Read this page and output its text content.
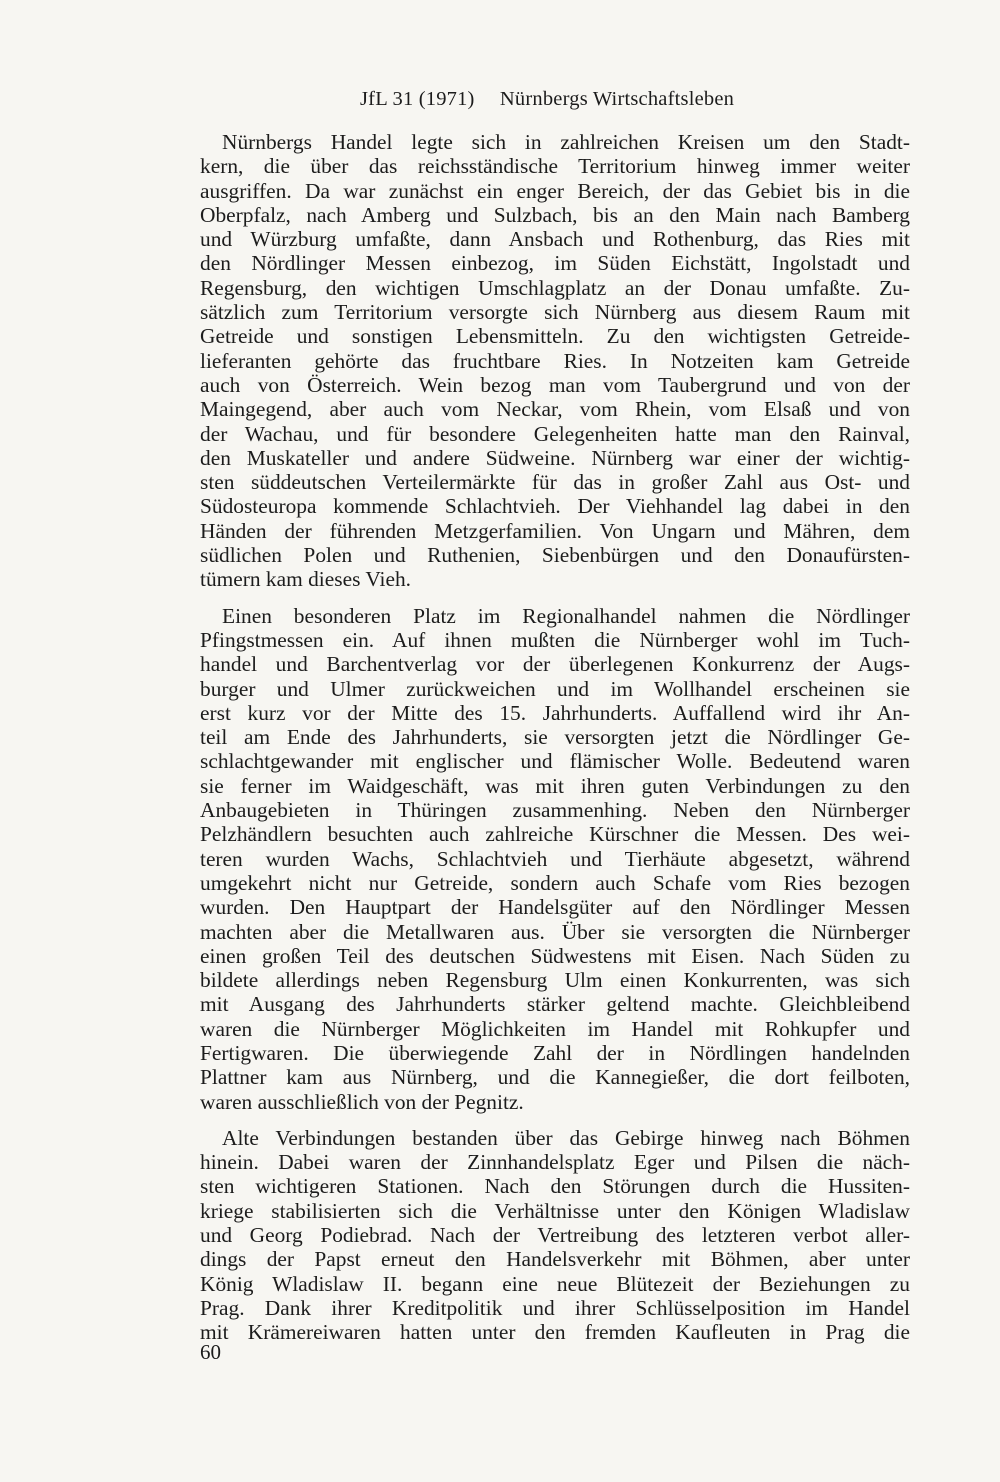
JfL 31 (1971) Nürnbergs Wirtschaftsleben
Nürnbergs Handel legte sich in zahlreichen Kreisen um den Stadt-
kern, die über das reichsständische Territorium hinweg immer weiter
ausgriffen. Da war zunächst ein enger Bereich, der das Gebiet bis in die
Oberpfalz, nach Amberg und Sulzbach, bis an den Main nach Bamberg
und Würzburg umfaßte, dann Ansbach und Rothenburg, das Ries mit
den Nördlinger Messen einbezog, im Süden Eichstätt, Ingolstadt und
Regensburg, den wichtigen Umschlagplatz an der Donau umfaßte. Zu-
sätzlich zum Territorium versorgte sich Nürnberg aus diesem Raum mit
Getreide und sonstigen Lebensmitteln. Zu den wichtigsten Getreide-
lieferanten gehörte das fruchtbare Ries. In Notzeiten kam Getreide
auch von Österreich. Wein bezog man vom Taubergrund und von der
Maingegend, aber auch vom Neckar, vom Rhein, vom Elsaß und von
der Wachau, und für besondere Gelegenheiten hatte man den Rainval,
den Muskateller und andere Südweine. Nürnberg war einer der wichtig-
sten süddeutschen Verteilermärkte für das in großer Zahl aus Ost- und
Südosteuropa kommende Schlachtvieh. Der Viehhandel lag dabei in den
Händen der führenden Metzgerfamilien. Von Ungarn und Mähren, dem
südlichen Polen und Ruthenien, Siebenbürgen und den Donaufürsten-
tümern kam dieses Vieh.
Einen besonderen Platz im Regionalhandel nahmen die Nördlinger
Pfingstmessen ein. Auf ihnen mußten die Nürnberger wohl im Tuch-
handel und Barchentverlag vor der überlegenen Konkurrenz der Augs-
burger und Ulmer zurückweichen und im Wollhandel erscheinen sie
erst kurz vor der Mitte des 15. Jahrhunderts. Auffallend wird ihr An-
teil am Ende des Jahrhunderts, sie versorgten jetzt die Nördlinger Ge-
schlachtgewander mit englischer und flämischer Wolle. Bedeutend waren
sie ferner im Waidgeschäft, was mit ihren guten Verbindungen zu den
Anbaugebieten in Thüringen zusammenhing. Neben den Nürnberger
Pelzhändlern besuchten auch zahlreiche Kürschner die Messen. Des wei-
teren wurden Wachs, Schlachtvieh und Tierhäute abgesetzt, während
umgekehrt nicht nur Getreide, sondern auch Schafe vom Ries bezogen
wurden. Den Hauptpart der Handelsgüter auf den Nördlinger Messen
machten aber die Metallwaren aus. Über sie versorgten die Nürnberger
einen großen Teil des deutschen Südwestens mit Eisen. Nach Süden zu
bildete allerdings neben Regensburg Ulm einen Konkurrenten, was sich
mit Ausgang des Jahrhunderts stärker geltend machte. Gleichbleibend
waren die Nürnberger Möglichkeiten im Handel mit Rohkupfer und
Fertigwaren. Die überwiegende Zahl der in Nördlingen handelnden
Plattner kam aus Nürnberg, und die Kannegießer, die dort feilboten,
waren ausschließlich von der Pegnitz.
Alte Verbindungen bestanden über das Gebirge hinweg nach Böhmen
hinein. Dabei waren der Zinnhandelsplatz Eger und Pilsen die näch-
sten wichtigeren Stationen. Nach den Störungen durch die Hussiten-
kriege stabilisierten sich die Verhältnisse unter den Königen Wladislaw
und Georg Podiebrad. Nach der Vertreibung des letzteren verbot aller-
dings der Papst erneut den Handelsverkehr mit Böhmen, aber unter
König Wladislaw II. begann eine neue Blütezeit der Beziehungen zu
Prag. Dank ihrer Kreditpolitik und ihrer Schlüsselposition im Handel
mit Krämereiwaren hatten unter den fremden Kaufleuten in Prag die
60
